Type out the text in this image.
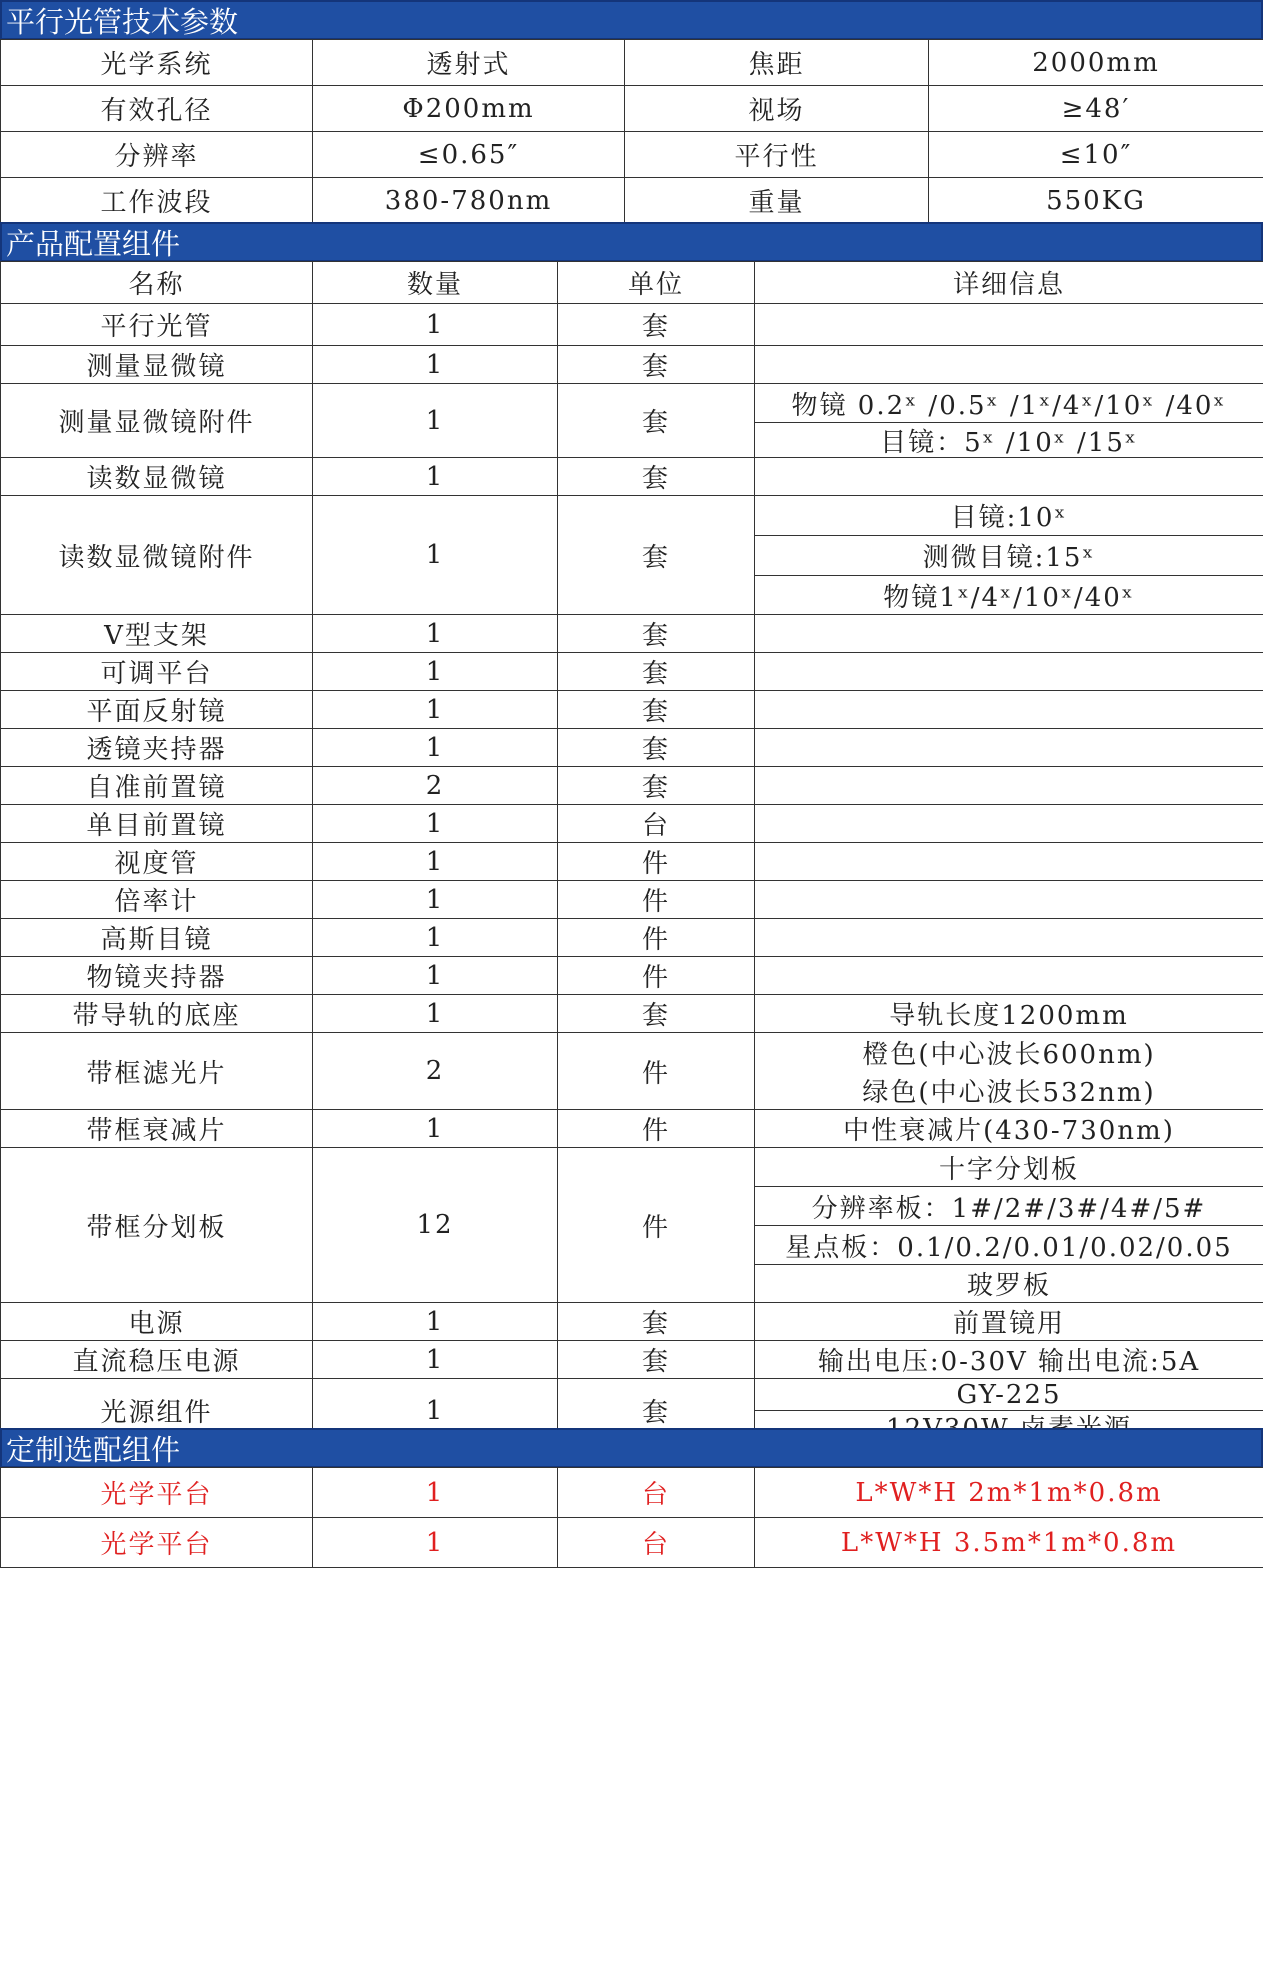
平行光管技术参数
光学系统	透射式	焦距	2000mm
有效孔径	Φ200mm	视场	≥48′
分辨率	≤0.65″	平行性	≤10″
工作波段	380-780nm	重量	550KG
产品配置组件
名称	数量	单位	详细信息
平行光管	1	套	
测量显微镜	1	套	
测量显微镜附件	1	套	物镜 0.2ˣ /0.5ˣ /1ˣ/4ˣ/10ˣ /40ˣ
目镜：5ˣ /10ˣ /15ˣ

读数显微镜	1	套	
读数显微镜附件	1	套	目镜:10ˣ
测微目镜:15ˣ
物镜1ˣ/4ˣ/10ˣ/40ˣ

V型支架	1	套	
可调平台	1	套	
平面反射镜	1	套	
透镜夹持器	1	套	
自准前置镜	2	套	
单目前置镜	1	台	
视度管	1	件	
倍率计	1	件	
高斯目镜	1	件	
物镜夹持器	1	件	
带导轨的底座	1	套	导轨长度1200mm
带框滤光片	2	件	橙色(中心波长600nm)
绿色(中心波长532nm)

带框衰减片	1	件	中性衰减片(430-730nm)
带框分划板	12	件	十字分划板
分辨率板：1#/2#/3#/4#/5#
星点板：0.1/0.2/0.01/0.02/0.05
玻罗板

电源	1	套	前置镜用
直流稳压电源	1	套	输出电压:0-30V 输出电流:5A
光源组件	1	套	GY-225
定制选配组件
光学平台	1	台	L*W*H 2m*1m*0.8m
光学平台	1	台	L*W*H 3.5m*1m*0.8m
